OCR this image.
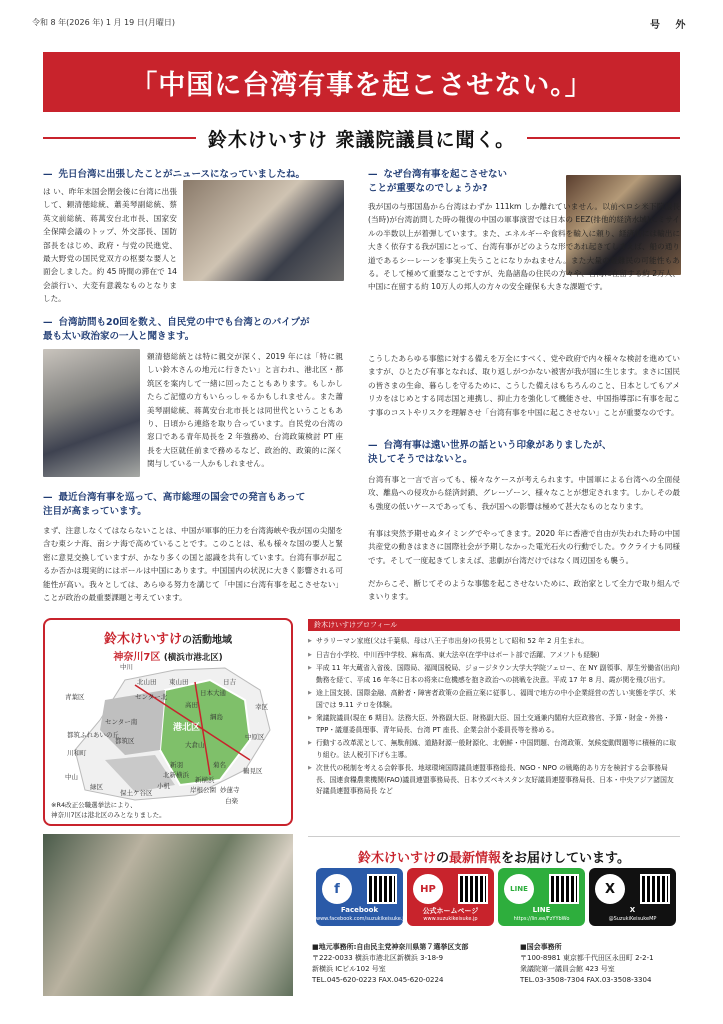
令和 8 年(2026 年) 1 月 19 日(月曜日)	号 外
「中国に台湾有事を起こさせない。」
鈴木けいすけ 衆議院議員に聞く。
— 先日台湾に出張したことがニュースになっていましたね。
は い、昨年末国会閉会後に台湾に出張して、頼清徳総統、蕭美琴副総統、蔡英文前総統、蒋萬安台北市長、国家安全保障会議のトップ、外交部長、国防部長をはじめ、政府・与党の民進党、最大野党の国民党双方の枢要な要人と面会しました。約 45 時間の滞在で 14 会談行い、大変有意義なものとなりました。
— 台湾訪問も20回を数え、自民党の中でも台湾とのパイプが
最も太い政治家の一人と聞きます。
頼清徳総統とは特に親交が深く、2019 年には「特に親しい鈴木さんの地元に行きたい」と言われ、港北区・都筑区を案内して一緒に回ったこともあります。もしかしたらご記憶の方もいらっしゃるかもしれません。また蕭美琴副総統、蒋萬安台北市長とは同世代ということもあり、日頃から連絡を取り合っています。自民党の台湾の窓口である青年局長を 2 年強務め、台湾政策検討 PT 座長を大臣就任前まで務めるなど、政治的、政策的に深く関与している一人かもしれません。
— 最近台湾有事を巡って、高市総理の国会での発言もあって
注目が高まっています。
まず、注意しなくてはならないことは、中国が軍事的圧力を台湾海峡や我が国の尖閣を含む東シナ海、南シナ海で高めていることです。このことは、私も様々な国の要人と緊密に意見交換していますが、かなり多くの国と認識を共有しています。台湾有事が起こるか否かは現実的にはボールは中国にあります。中国国内の状況に大きく影響される可能性が高い。我々としては、あらゆる努力を講じて「中国に台湾有事を起こさせない」ことが政治の最重要課題と考えています。
— なぜ台湾有事を起こさせない
ことが重要なのでしょうか?
我が国の与那国島から台湾はわずか 111km しか離れていません。以前ペロシ米下院議長(当時)が台湾訪問した時の報復の中国の軍事演習では日本の EEZ(排他的経済水域)にミサイルの半数以上が着弾しています。また、エネルギーや食料を輸入に頼り、経済的には輸出に大きく依存する我が国にとって、台湾有事がどのような形であれ起きてしまえば、船の通り道であるシーレーンを事実上失うことになりかねません。また大量の避難民の可能性もある。そして極めて重要なことですが、先島諸島の住民の方々や、台湾に在留する約 2万人、中国に在留する約 10万人の邦人の方々の安全確保も大きな課題です。
こうしたあらゆる事態に対する備えを万全にすべく、党や政府で内々様々な検討を進めていますが、ひとたび有事となれば、取り返しがつかない被害が我が国に生じます。まさに国民の皆さまの生命、暮らしを守るために、こうした備えはもちろんのこと、日本としてもアメリカをはじめとする同志国と連携し、抑止力を強化して機能させ、中国指導部に有事を起こす事のコストやリスクを理解させ「台湾有事を中国に起こさせない」ことが重要なのです。
— 台湾有事は遠い世界の話という印象がありましたが、
決してそうではないと。
台湾有事と一言で言っても、様々なケースが考えられます。中国軍による台湾への全面侵攻、離島への侵攻から経済封鎖、グレーゾーン、様々なことが想定されます。しかしその最も強度の低いケースであっても、我が国への影響は極めて甚大なものとなります。
有事は突然予期せぬタイミングでやってきます。2020 年に香港で自由が失われた時の中国共産党の動きはまさに国際社会が予期しなかった電光石火の行動でした。ウクライナも同様です。そして一度起きてしまえば、悲劇が台湾だけではなく周辺国をも襲う。
だからこそ、断じてそのような事態を起こさせないために、政治家として全力で取り組んでまいります。
鈴木けいすけの活動地域
神奈川7区 (横浜市港北区)
中川
北山田 東山田	日吉
青葉区	センター北	日本大通
高田	幸区
センター南
綱島
港北区
都筑区
都筑ふれあいの丘
川和町
大倉山
中原区
新羽
北新横浜
菊名
小机
新横浜
岸根公園 妙蓮寺
白楽
中山
緑区
鶴見区
保土ケ谷区
※R4改正公職選挙法により、
神奈川7区は港北区のみとなりました。
鈴木けいすけプロフィール
▶ サラリーマン家庭(父は千葉県、母は八王子市出身)の長男として昭和 52 年 2 月生まれ。
▶ 日吉台小学校、中川西中学校、麻布高、東大法卒(在学中はボート部で活躍、アメフトも経験)
▶ 平成 11 年大蔵省入省後、国際局、福岡国税局、ジョージタウン大学大学院フェロー、在 NY 副領事、厚生労働省(出向)勤務を経て、平成 16 年冬に日本の将来に危機感を抱き政治への挑戦を決意。平成 17 年 8 月、霞が関を飛び出す。
▶ 途上国支援、国際金融、高齢者・障害者政策の企画立案に従事し、福岡で地方の中小企業経営の苦しい実態を学び、米国では 9.11 テロを体験。
▶ 衆議院議員(現在 6 期目)。法務大臣、外務副大臣、財務副大臣、国土交通兼内閣府大臣政務官、予算・財金・外務・TPP・議運委員理事、青年局長、台湾 PT 座長、企業会計小委員長等を務める。
▶ 行動する改革派として、無駄削減、道路財源一般財源化、北朝鮮・中国問題、台湾政策、気候変動問題等に積極的に取り組む。法人税引下げも主導。
▶ 次世代の税制を考える会幹事長、地球環境国際議員連盟事務総長、NGO・NPO の戦略的あり方を検討する会事務局長、国連食糧農業機関(FAO)議員連盟事務局長、日本ウズベキスタン友好議員連盟事務局長、日本・中央アジア諸国友好議員連盟事務局長 など
鈴木けいすけの最新情報をお届けしています。
f
Facebook
www.facebook.com/suzukikeisuke.jp
HP
公式ホームページ
www.suzukikeisuke.jp
LINE
LINE
https://lin.ee/FzYYbWo
X
X
@SuzukiKeisukeMP
■地元事務所:自由民主党神奈川県第７選挙区支部
〒222-0033 横浜市港北区新横浜 3-18-9
新横浜 ICビル102 号室
TEL.045-620-0223 FAX.045-620-0224
■国会事務所
〒100-8981 東京都千代田区永田町 2-2-1
衆議院第一議員会館 423 号室
TEL.03-3508-7304 FAX.03-3508-3304
